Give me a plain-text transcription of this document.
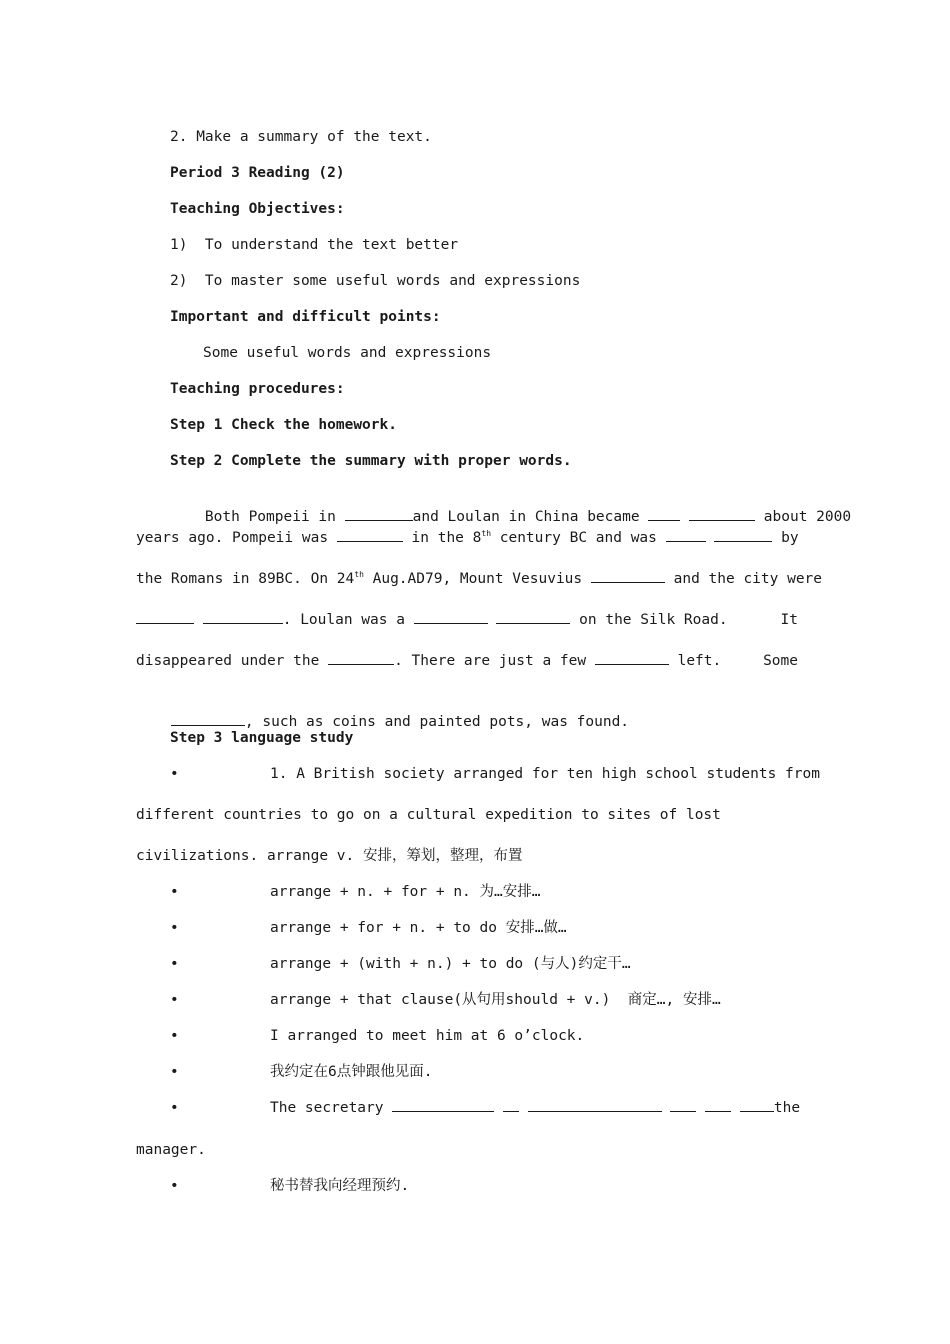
2. Make a summary of the text.
Period 3 Reading (2)
Teaching Objectives:
1)  To understand the text better
2)  To master some useful words and expressions
Important and difficult points:
Some useful words and expressions
Teaching procedures:
Step 1 Check the homework.
Step 2 Complete the summary with proper words.

Both Pompeii in	and Loulan in China became	about 2000

years ago. Pompeii was	in the 8th century BC and was	by
the Romans in 89BC. On 24th Aug.AD79, Mount Vesuvius	and the city were
. Loulan was a	on the Silk Road.	It
disappeared under the	. There are just a few	left.	Some

, such as coins and painted pots, was found.

Step 3 language study
•	1. A British society arranged for ten high school students from
different countries to go on a cultural expedition to sites of lost
civilizations. arrange v. 安排，筹划，整理，布置
•	arrange + n. + for + n. 为…安排…
•	arrange + for + n. + to do 安排…做…
•	arrange + (with + n.) + to do (与人)约定干…
•	arrange + that clause(从句用should + v.)  商定…, 安排…
•	I arranged to meet him at 6 o’clock.
•	我约定在6点钟跟他见面.
•	The secretary	the
manager.
•	秘书替我向经理预约.
